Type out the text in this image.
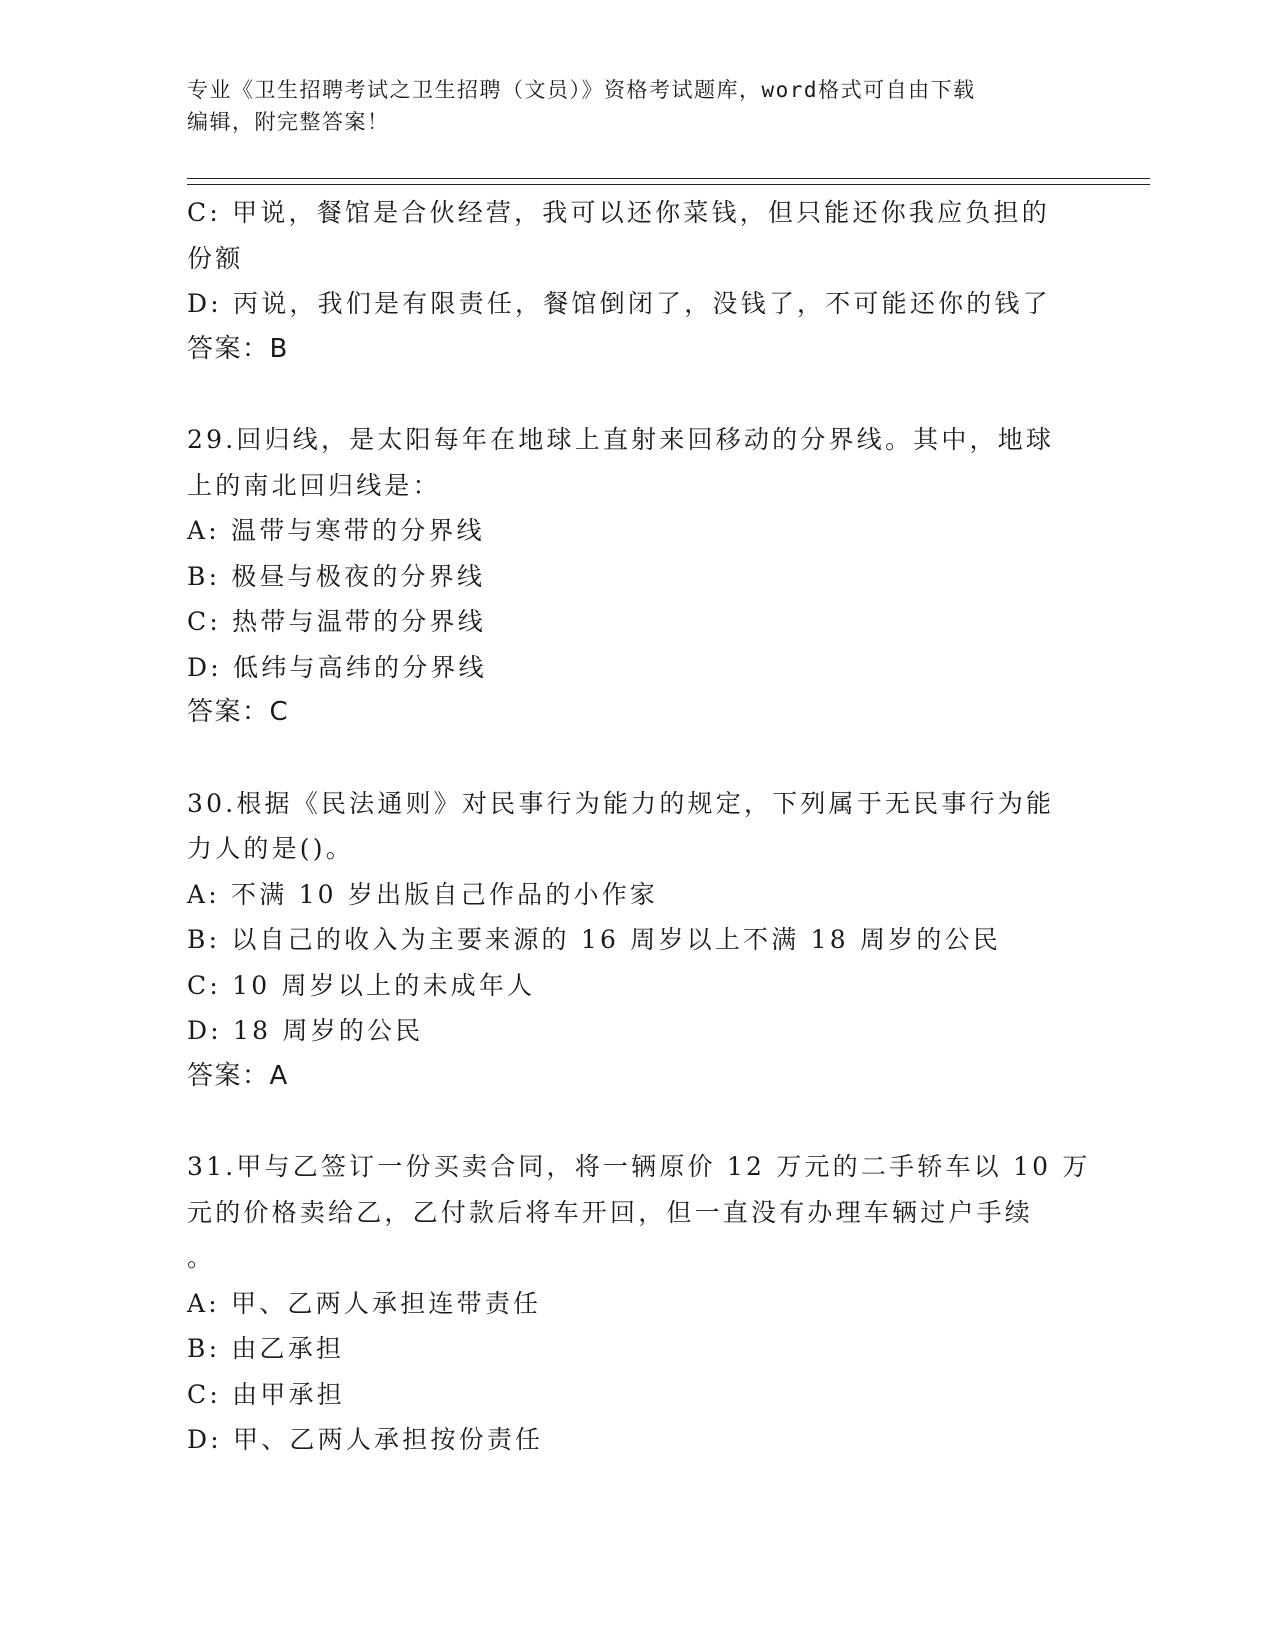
专业《卫生招聘考试之卫生招聘（文员）》资格考试题库，word格式可自由下载
编辑，附完整答案！
C: 甲说，餐馆是合伙经营，我可以还你菜钱，但只能还你我应负担的
份额
D: 丙说，我们是有限责任，餐馆倒闭了，没钱了，不可能还你的钱了
答案：B
29.回归线，是太阳每年在地球上直射来回移动的分界线。其中，地球
上的南北回归线是：
A: 温带与寒带的分界线
B: 极昼与极夜的分界线
C: 热带与温带的分界线
D: 低纬与高纬的分界线
答案：C
30.根据《民法通则》对民事行为能力的规定，下列属于无民事行为能
力人的是()。
A: 不满 10 岁出版自己作品的小作家
B: 以自己的收入为主要来源的 16 周岁以上不满 18 周岁的公民
C: 10 周岁以上的未成年人
D: 18 周岁的公民
答案：A
31.甲与乙签订一份买卖合同，将一辆原价 12 万元的二手轿车以 10 万
元的价格卖给乙，乙付款后将车开回，但一直没有办理车辆过户手续
。
A: 甲、乙两人承担连带责任
B: 由乙承担
C: 由甲承担
D: 甲、乙两人承担按份责任
